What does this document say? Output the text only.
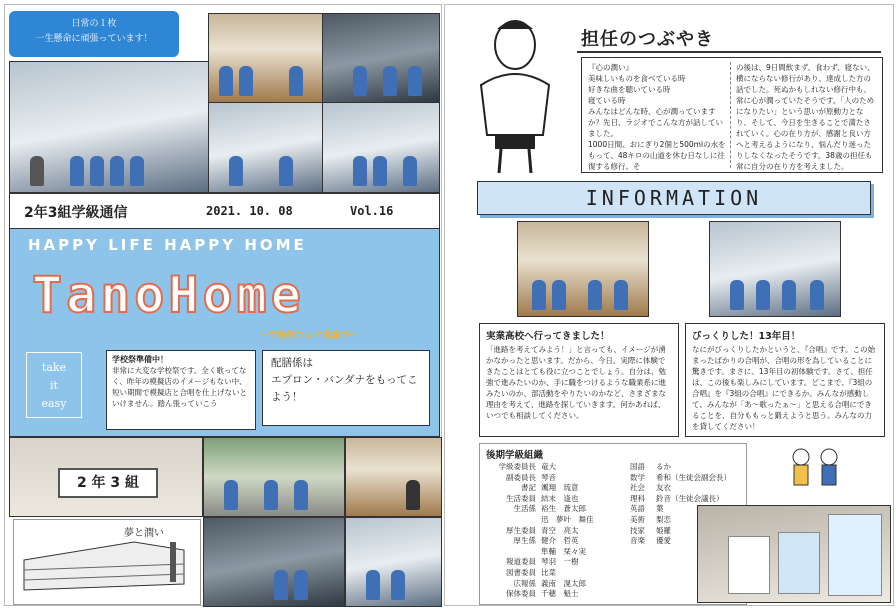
日常の１枚
一生懸命に頑張っています！
2年3組学級通信	2021. 10. 08	Vol.16
HAPPY LIFE HAPPY HOME
TanoHome
～学校祭フェア実施中～
take
it
easy
学校祭準備中！
非常に大変な学校祭です。全く歌ってなく、昨年の模擬店のイメージもない中、短い期間で模擬店と合唱を仕上げないといけません。踏ん張っていこう
配膳係は
エプロン・バンダナをもってこよう！
2 年 3 組
夢と潤い
担任のつぶやき
『心の潤い』
美味しいものを食べている時
好きな曲を聴いている時
寝ている時
みんなはどんな時、心が潤っていますか？先日、ラジオでこんな方が話していました。
1000日間、おにぎり2個と500mlの水をもって、48キロの山道を休む日なしに往復する修行。そ
の後は、9日間飲まず、食わず、寝ない、横にならない修行があり、達成した方の話でした。死ぬかもしれない修行中も、常に心が潤っていたそうです。「人のためになりたい」という思いが原動力となり、そして、今日を生きることで満たされていく。心の在り方が、感謝と良い方へと考えるようになり、悩んだり迷ったりしなくなったそうです。38歳の担任も常に自分の在り方を考えました。
INFORMATION
実業高校へ行ってきました！
「進路を考えてみよう！」と言っても、イメージが湧かなかったと思います。だから、今日、実際に体験できたことはとても役に立つことでしょう。自分は、勉強で進みたいのか、手に職をつけるような職業系に進みたいのか、部活動をやりたいのかなど、さまざまな理由を考えて、進路を探していきます。何かあれば、いつでも相談してください。
びっくりした！13年目！
なにがびっくりしたかというと、『合唱』です。この始まったばかりの合唱が、合唱の形を為していることに驚きです。まさに、13年目の初体験です。さて、担任は、この後も楽しみにしています。どこまで、『3組の合唱』を『3組の合唱』にできるか。みんなが感動して、みんなが「あ～歌ったぁ～」と思える合唱にできることを、自分ももっと鍛えようと思う。みんなの力を貸してください！
後期学級組織
学級委員長 竜大
副委員長 琴音
書記 颯翔　琉意
生活委員 結末　逢也
生活係 裕生　蒼太郎
迅　夢叶　舞佳
厚生委員 青空　亮太
厚生係 健介　哲英
隼輔　栞々実
報道委員 琴羽　一樹
図書委員 比菜
広報係 義南　滉太郎
保体委員 千穂　魁士
国語	るか
数学	希和（生徒会副会長）
社会	友衣
理科	鈴音（生徒会議長）
英語	葉
美術	梨恋
技家	姫羅
音楽	優愛
